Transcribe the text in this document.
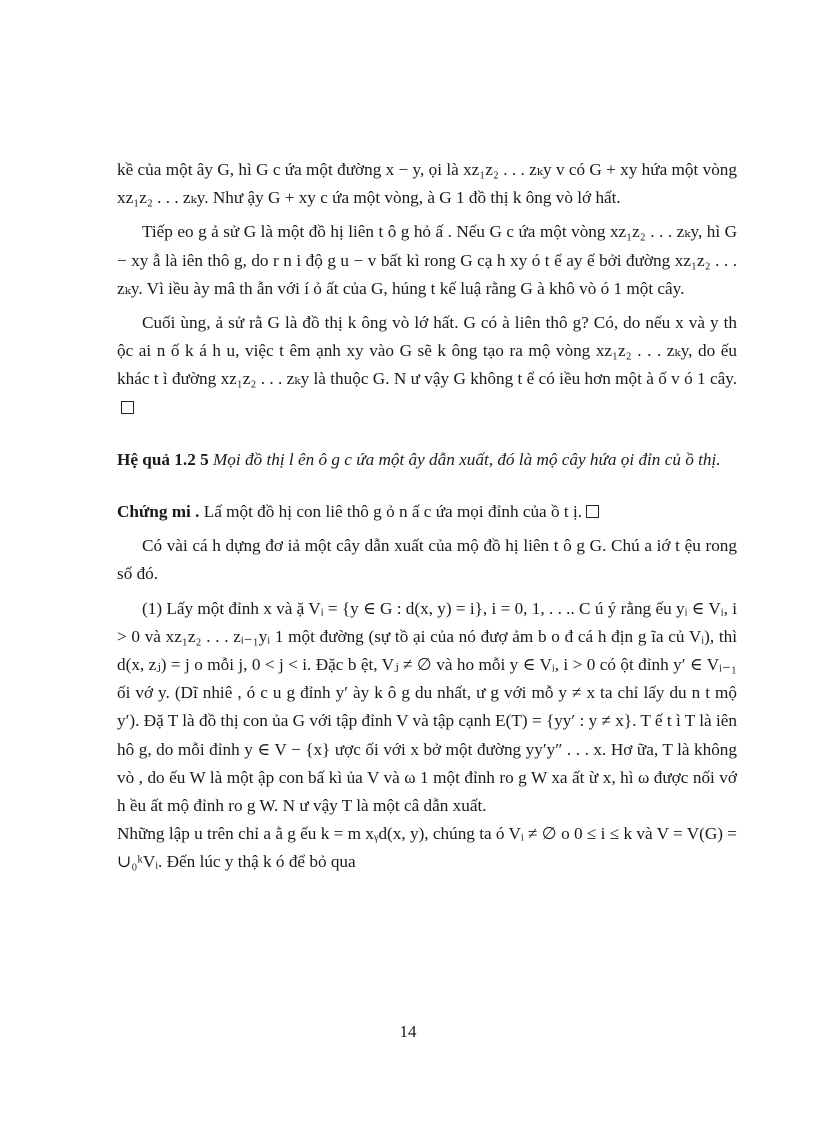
kề của một ây G, hì G c ứa một đường x − y, ọi là xz₁z₂ . . . zₖy v có G + xy hứa một vòng xz₁z₂ . . . zₖy. Như ậy G + xy c ứa một vòng, à G 1 đồ thị k ông vò lớ hất.

Tiếp eo g ả sử G là một đồ hị liên t ô g hỏ ấ . Nếu G c ứa một vòng xz₁z₂ . . . zₖy, hì G − xy ẫ là iên thô g, do r n i độ g u − v bất kì rong G cạ h xy ó t ể ay ế bởi đường xz₁z₂ . . . zₖy. Vì iều ày mâ th ẫn với í ỏ ất của G, húng t kế luậ rằng G à khô vò ó 1 một cây.

Cuối ùng, ả sử rằ G là đồ thị k ông vò lớ hất. G có à liên thô g? Có, do nếu x và y th ộc ai n ố k á h u, việc t êm ạnh xy vào G sẽ k ông tạo ra mộ vòng xz₁z₂ . . . zₖy, do ếu khác t ì đường xz₁z₂ . . . zₖy là thuộc G. N ư vậy G không t ể có iều hơn một à ố v ó 1 cây.

Hệ quả 1.2 5 Mọi đồ thị l ên ô g c ứa một ây dẫn xuất, đó là mộ cây hứa ọi đỉn củ ồ thị.

Chứng mi . Lấ một đồ hị con liê thô g ỏ n ấ c ứa mọi đỉnh của ồ t ị.

Có vài cá h dựng đơ iả một cây dẫn xuất của mộ đồ hị liên t ô g G. Chú a iớ t ệu rong số đó.

(1) Lấy một đỉnh x và ặ Vᵢ = {y ∈ G : d(x, y) = i}, i = 0, 1, . . .. C ú ý rằng ếu yᵢ ∈ Vᵢ, i > 0 và xz₁z₂ . . . zᵢ₋₁yᵢ 1 một đường (sự tồ ại của nó đượ ảm b o đ cá h địn g ĩa củ Vᵢ), thì d(x, zⱼ) = j o mỗi j, 0 < j < i. Đặc b ệt, Vⱼ ≠ ∅ và ho mỗi y ∈ Vᵢ, i > 0 có ột đỉnh y′ ∈ Vᵢ₋₁ ối vớ y. (Dĩ nhiê , ó c u g đỉnh y′ ày k ô g du nhất, ư g với mỗ y ≠ x ta chỉ lấy du n t mộ y′). Đặ T là đồ thị con ủa G với tập đỉnh V và tập cạnh E(T) = {yy′ : y ≠ x}. T ế t ì T là iên hô g, do mỗi đỉnh y ∈ V − {x} ược ối với x bở một đường yy′y″ . . . x. Hơ ữa, T là không vò , do ếu W là một ập con bấ kì ủa V và ω 1 một đỉnh ro g W xa ất ừ x, hì ω được nối vớ h ều ất mộ đỉnh ro g W. N ư vậy T là một câ dẫn xuất.

Những lập u trên chỉ a ằ g ếu k = m xᵧd(x, y), chúng ta ó Vᵢ ≠ ∅ o 0 ≤ i ≤ k và V = V(G) = ∪₀ᵏVᵢ. Đến lúc y thậ k ó để bỏ qua

14
